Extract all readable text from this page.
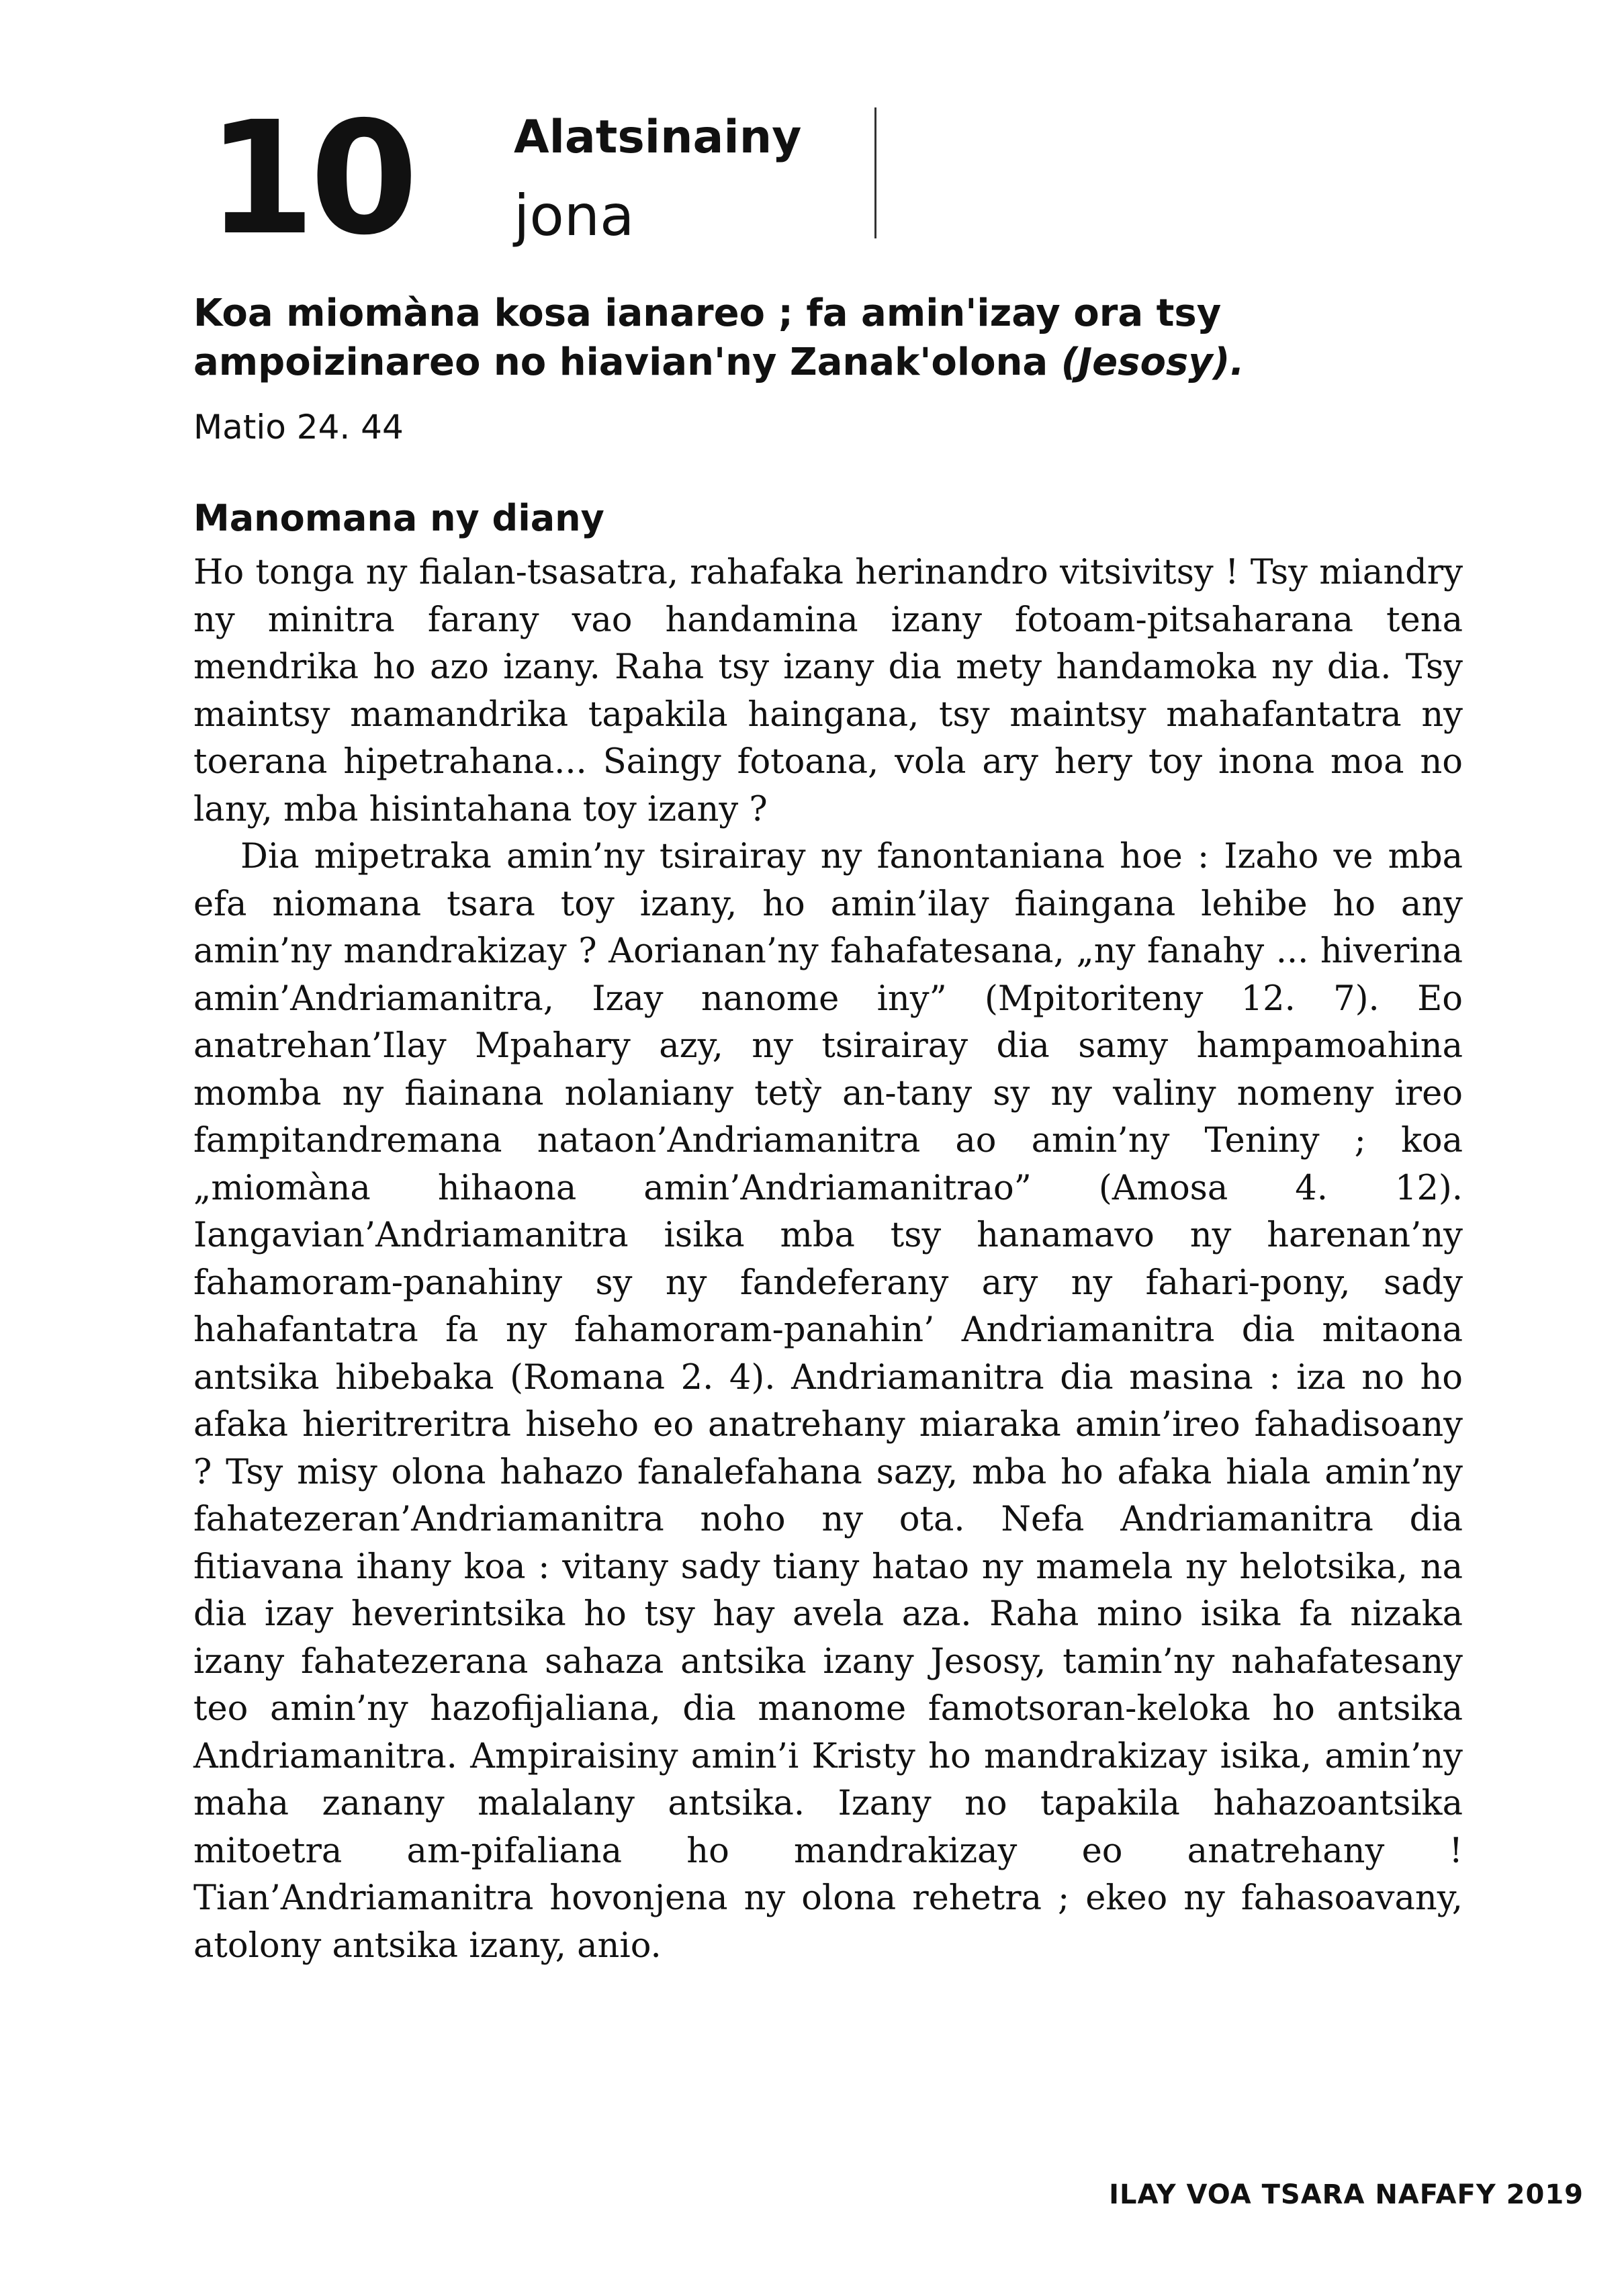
10 Alatsinainy
jona
Koa miomàna kosa ianareo ; fa amin'izay ora tsy ampoizinareo no hiavian'ny Zanak'olona (Jesosy).
Matio 24. 44
Manomana ny diany

Ho tonga ny fialan-tsasatra, rahafaka herinandro vitsivitsy ! Tsy miandry ny minitra farany vao handamina izany fotoam-pitsaharana tena mendrika ho azo izany. Raha tsy izany dia mety handamoka ny dia. Tsy maintsy mamandrika tapakila haingana, tsy maintsy mahafantatra ny toerana hipetrahana... Saingy fotoana, vola ary hery toy inona moa no lany, mba hisintahana toy izany ?

Dia mipetraka amin’ny tsirairay ny fanontaniana hoe : Izaho ve mba efa niomana tsara toy izany, ho amin’ilay fiaingana lehibe ho any amin’ny mandrakizay ? Aorianan’ny fahafatesana, „ny fanahy ... hiverina amin’Andriamanitra, Izay nanome iny” (Mpitoriteny 12. 7). Eo anatrehan’Ilay Mpahary azy, ny tsirairay dia samy hampamoahina momba ny fiainana nolaniany tetỳ an-tany sy ny valiny nomeny ireo fampitandremana nataon’Andriamanitra ao amin’ny Teniny ; koa „miomàna hihaona amin’Andriamanitrao” (Amosa 4. 12). Iangavian’Andriamanitra isika mba tsy hanamavo ny harenan’ny fahamoram-panahiny sy ny fandeferany ary ny fahari-pony, sady hahafantatra fa ny fahamoram-panahin’ Andriamanitra dia mitaona antsika hibebaka (Romana 2. 4). Andriamanitra dia masina : iza no ho afaka hieritreritra hiseho eo anatrehany miaraka amin’ireo fahadisoany ? Tsy misy olona hahazo fanalefahana sazy, mba ho afaka hiala amin’ny fahatezeran’Andriamanitra noho ny ota. Nefa Andriamanitra dia fitiavana ihany koa : vitany sady tiany hatao ny mamela ny helotsika, na dia izay heverintsika ho tsy hay avela aza. Raha mino isika fa nizaka izany fahatezerana sahaza antsika izany Jesosy, tamin’ny nahafatesany teo amin’ny hazofijaliana, dia manome famotsoran-keloka ho antsika Andriamanitra. Ampiraisiny amin’i Kristy ho mandrakizay isika, amin’ny maha zanany malalany antsika. Izany no tapakila hahazoantsika mitoetra am-pifaliana ho mandrakizay eo anatrehany ! Tian’Andriamanitra hovonjena ny olona rehetra ; ekeo ny fahasoavany, atolony antsika izany, anio.

ILAY VOA TSARA NAFAFY 2019
